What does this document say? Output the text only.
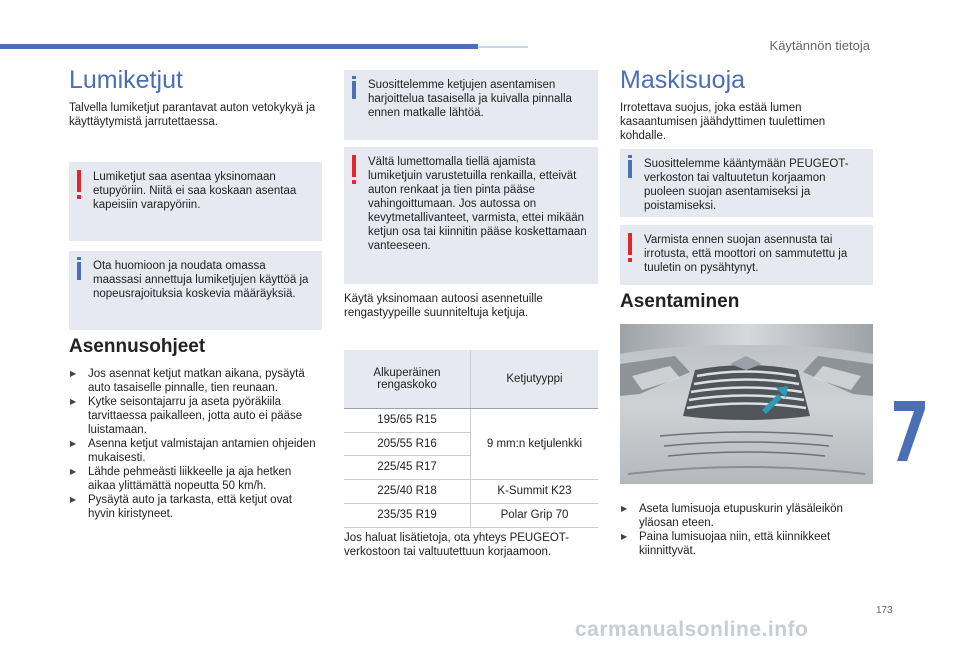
Käytännön tietoja
Lumiketjut
Talvella lumiketjut parantavat auton vetokykyä ja käyttäytymistä jarrutettaessa.
Lumiketjut saa asentaa yksinomaan etupyöriin. Niitä ei saa koskaan asentaa kapeisiin varapyöriin.
Ota huomioon ja noudata omassa maassasi annettuja lumiketjujen käyttöä ja nopeusrajoituksia koskevia määräyksiä.
Asennusohjeet
▶ Jos asennat ketjut matkan aikana, pysäytä auto tasaiselle pinnalle, tien reunaan.
▶ Kytke seisontajarru ja aseta pyöräkiila tarvittaessa paikalleen, jotta auto ei pääse luistamaan.
▶ Asenna ketjut valmistajan antamien ohjeiden mukaisesti.
▶ Lähde pehmeästi liikkeelle ja aja hetken aikaa ylittämättä nopeutta 50 km/h.
▶ Pysäytä auto ja tarkasta, että ketjut ovat hyvin kiristyneet.
Suosittelemme ketjujen asentamisen harjoittelua tasaisella ja kuivalla pinnalla ennen matkalle lähtöä.
Vältä lumettomalla tiellä ajamista lumiketjuin varustetuilla renkailla, etteivät auton renkaat ja tien pinta pääse vahingoittumaan. Jos autossa on kevytmetallivanteet, varmista, ettei mikään ketjun osa tai kiinnitin pääse koskettamaan vanteeseen.
Käytä yksinomaan autoosi asennetuille rengastyypeille suunniteltuja ketjuja.
Alkuperäinen rengaskoko	Ketjutyyppi
195/65 R15	9 mm:n ketjulenkki
205/55 R16	
225/45 R17	
225/40 R18	K-Summit K23
235/35 R19	Polar Grip 70
Jos haluat lisätietoja, ota yhteys PEUGEOT-verkostoon tai valtuutettuun korjaamoon.
Maskisuoja
Irrotettava suojus, joka estää lumen kasaantumisen jäähdyttimen tuulettimen kohdalle.
Suosittelemme kääntymään PEUGEOT-verkoston tai valtuutetun korjaamon puoleen suojan asentamiseksi ja poistamiseksi.
Varmista ennen suojan asennusta tai irrotusta, että moottori on sammutettu ja tuuletin on pysähtynyt.
Asentaminen
▶ Aseta lumisuoja etupuskurin yläsäleikön yläosan eteen.
▶ Paina lumisuojaa niin, että kiinnikkeet kiinnittyvät.
173
carmanualsonline.info
